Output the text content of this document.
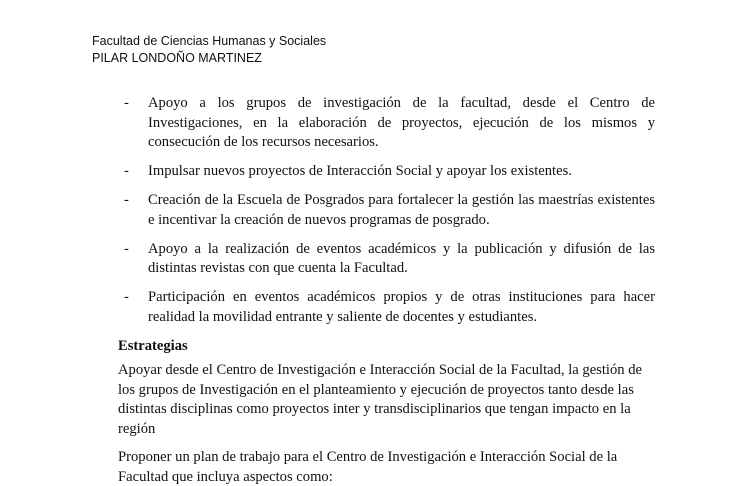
Facultad de Ciencias Humanas y Sociales
PILAR LONDOÑO MARTINEZ
- Apoyo a los grupos de investigación de la facultad, desde el Centro de Investigaciones, en la elaboración de proyectos, ejecución de los mismos y consecución de los recursos necesarios.
- Impulsar nuevos proyectos de Interacción Social y apoyar los existentes.
- Creación de la Escuela de Posgrados para fortalecer la gestión las maestrías existentes e incentivar la creación de nuevos programas de posgrado.
- Apoyo a la realización de eventos académicos y la publicación y difusión de las distintas revistas con que cuenta la Facultad.
- Participación en eventos académicos propios y de otras instituciones para hacer realidad la movilidad entrante y saliente de docentes y estudiantes.
Estrategias

Apoyar desde el Centro de Investigación e Interacción Social de la Facultad, la gestión de los grupos de Investigación en el planteamiento y ejecución de proyectos tanto desde las distintas disciplinas como proyectos inter y transdisciplinarios que tengan impacto en la región

Proponer un plan de trabajo para el Centro de Investigación e Interacción Social de la Facultad que incluya aspectos como:
